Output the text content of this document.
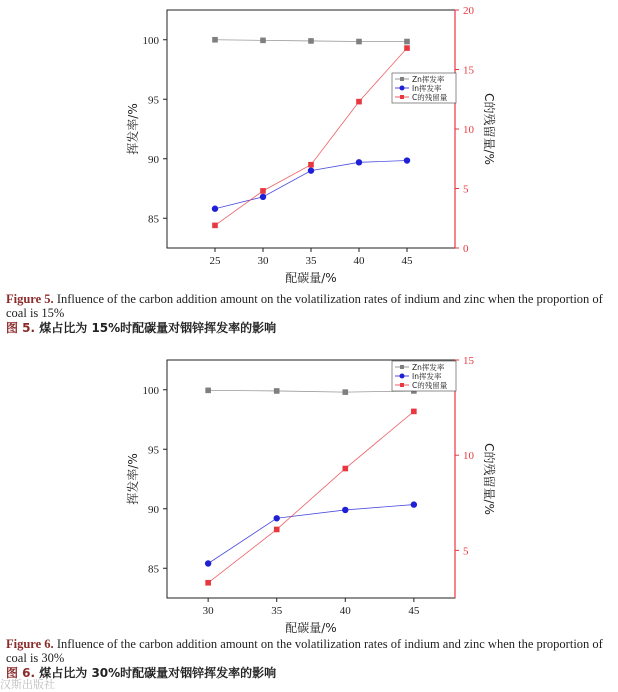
25	30	35	40	45
85
90
95
100
0
5
10
15
20
配碳量/%
挥发率/%	C的残留量/%
Zn挥发率
In挥发率
C的残留量
Figure 5. Influence of the carbon addition amount on the volatilization rates of indium and zinc when the proportion of coal is 15%
图 5. 煤占比为 15%时配碳量对铟锌挥发率的影响
30	35	40	45
85
90
95
100
5
10
15
配碳量/%
挥发率/%	C的残留量/%
Zn挥发率
In挥发率
C的残留量
Figure 6. Influence of the carbon addition amount on the volatilization rates of indium and zinc when the proportion of coal is 30%
图 6. 煤占比为 30%时配碳量对铟锌挥发率的影响
汉斯出版社
